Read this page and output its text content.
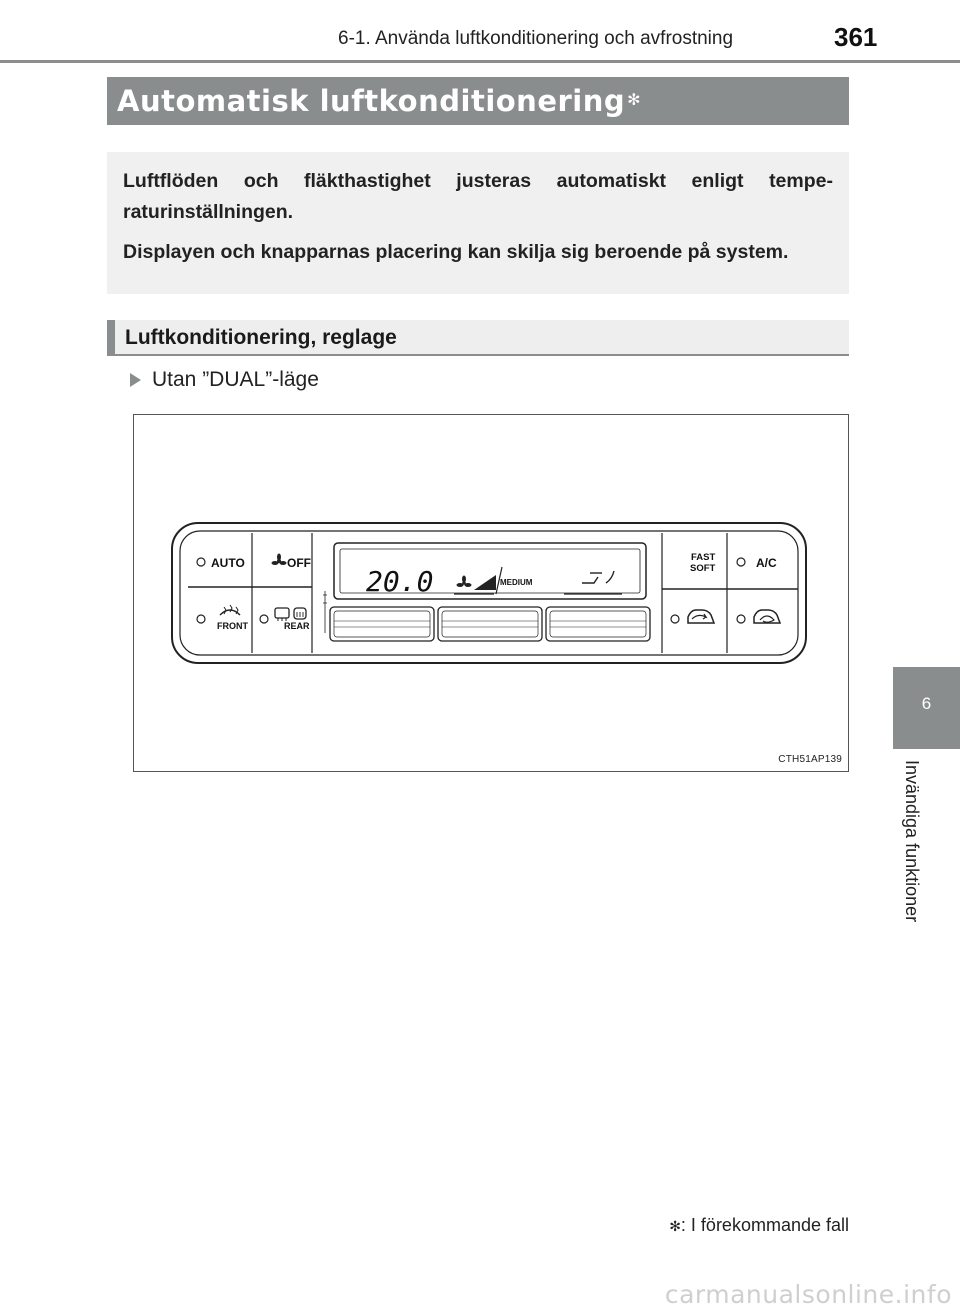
6-1. Använda luftkonditionering och avfrostning	361
Automatisk luftkonditionering ✻

Luftflöden och fläkthastighet justeras automatiskt enligt tempe-raturinställningen.

Displayen och knapparnas placering kan skilja sig beroende på system.

Luftkonditionering, reglage
Utan ”DUAL”-läge
AUTO	OFF
FRONT	REAR
20.0	MEDIUM
FAST
SOFT	A/C
CTH51AP139
6
Invändiga funktioner
✻: I förekommande fall
carmanualsonline.info
